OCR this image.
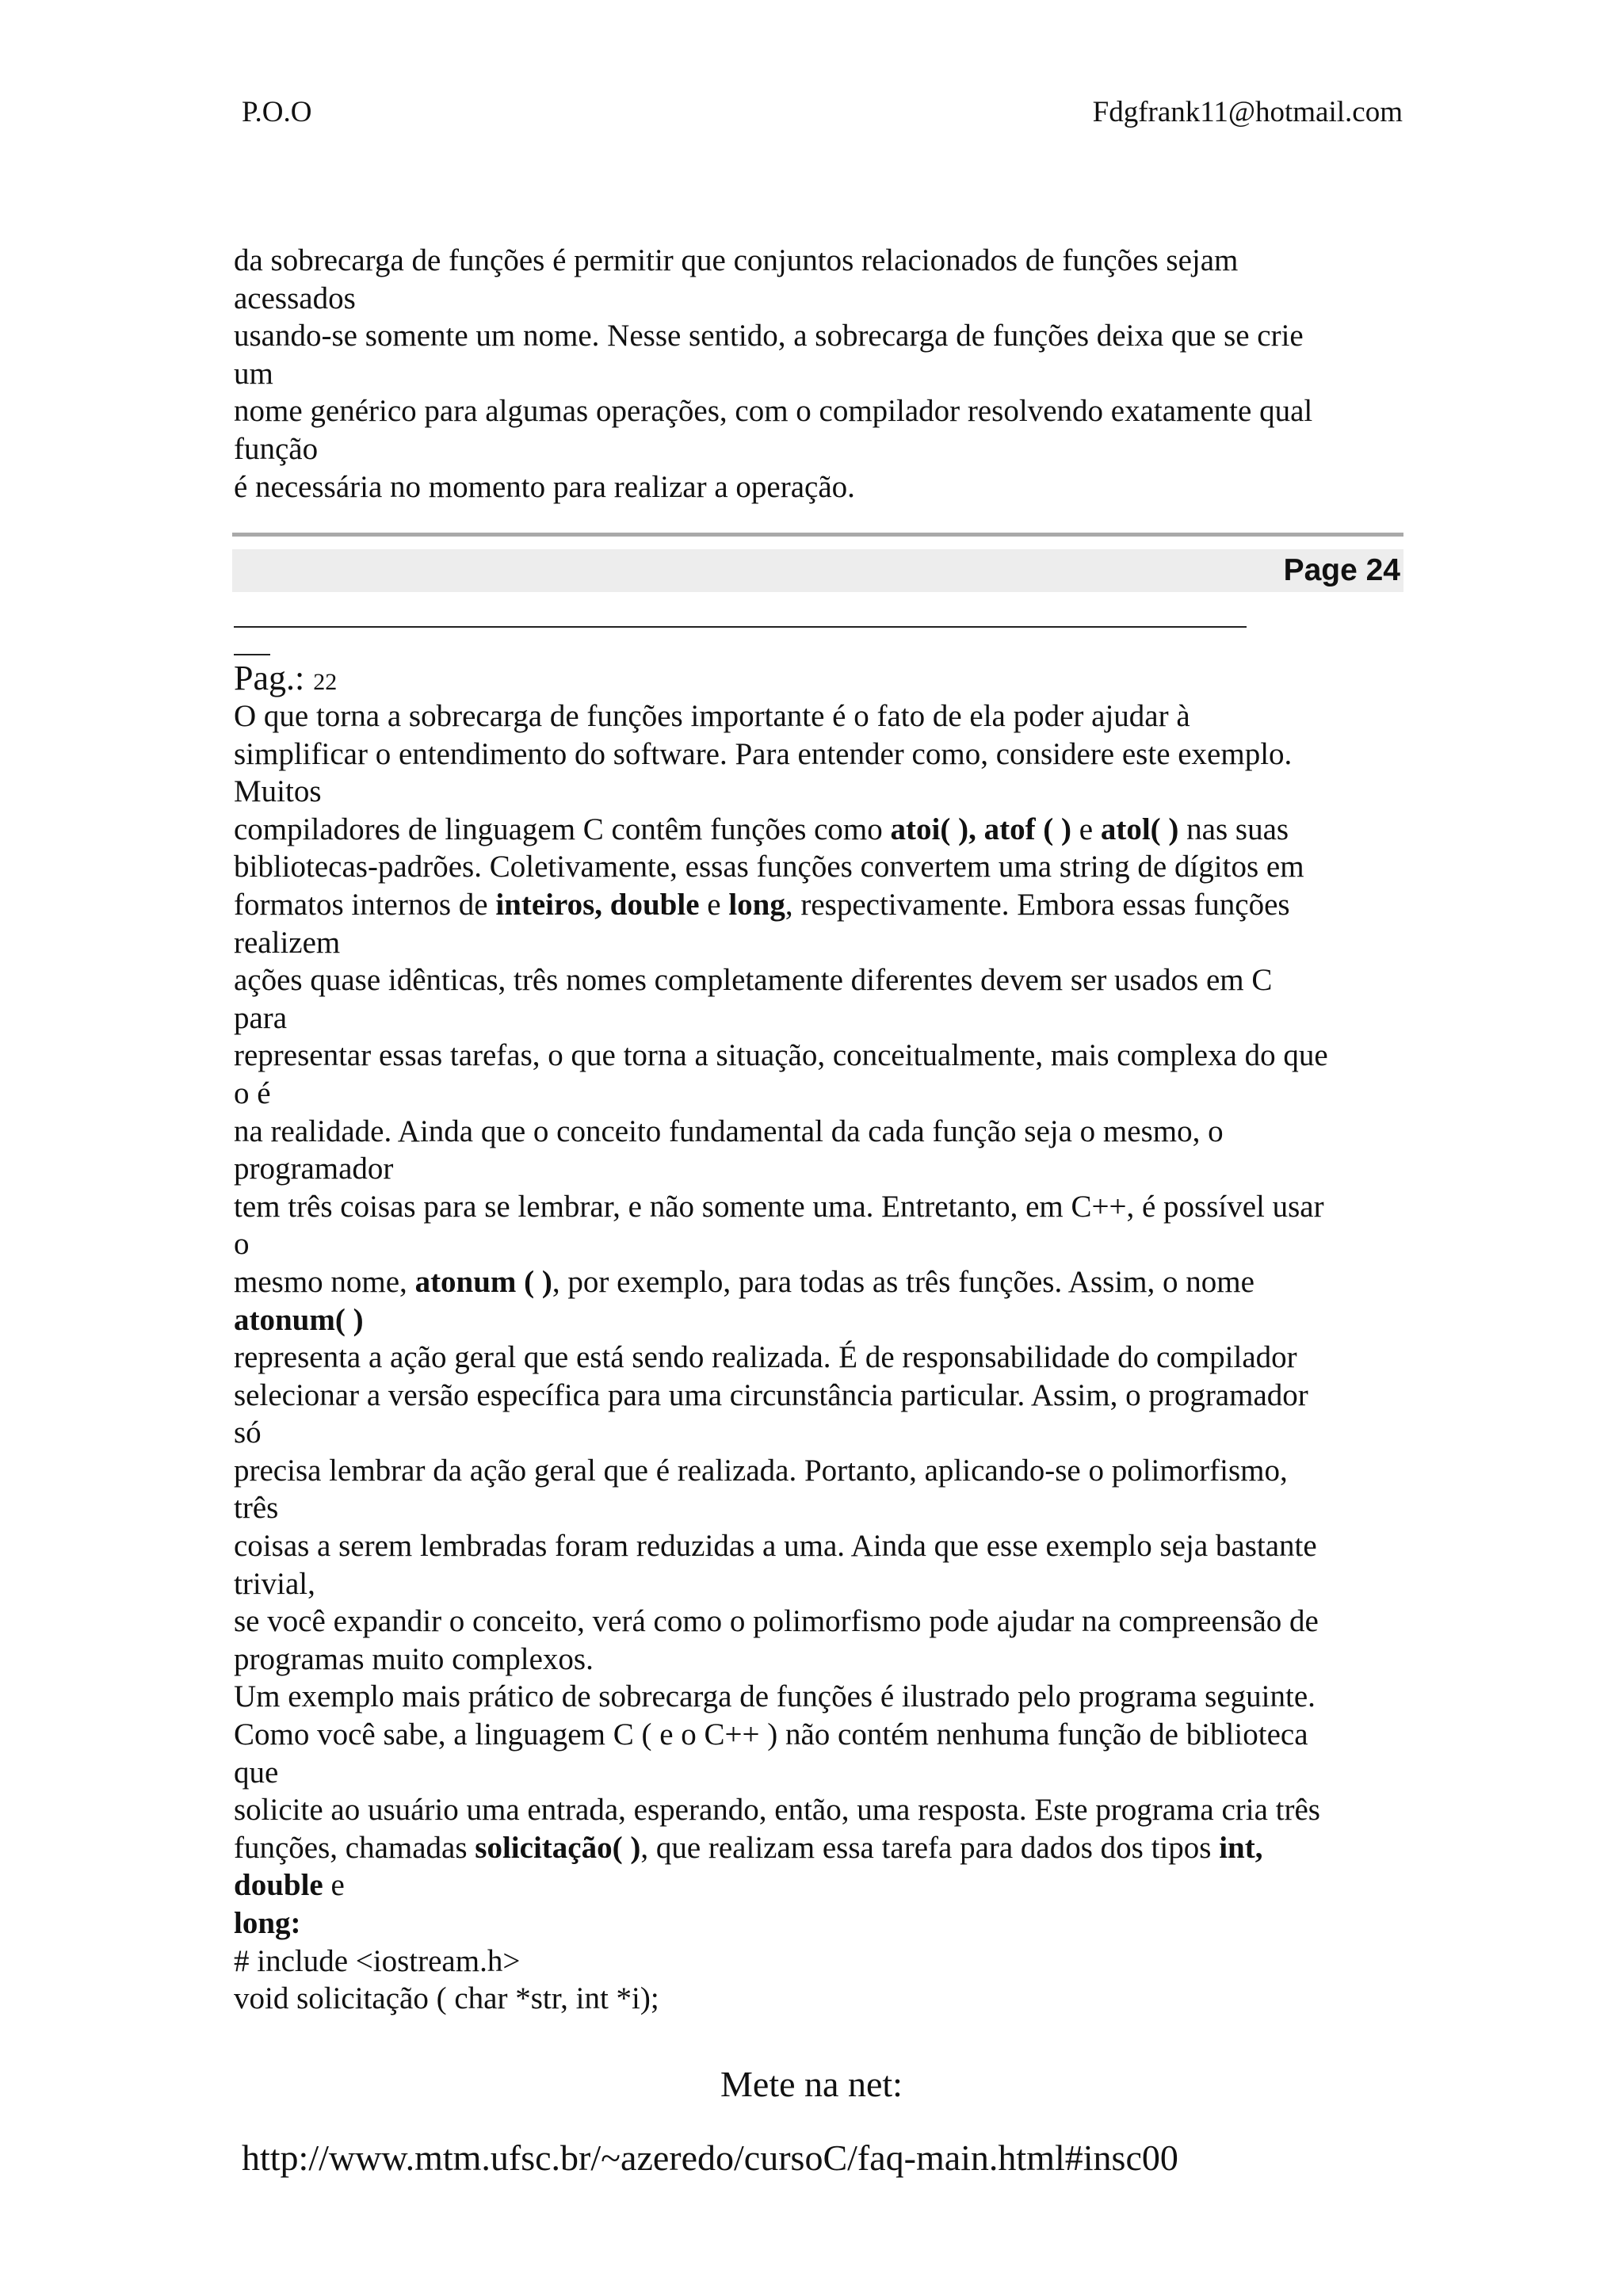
P.O.O	Fdgfrank11@hotmail.com
da sobrecarga de funções é permitir que conjuntos relacionados de funções sejam
acessados
usando-se somente um nome. Nesse sentido, a sobrecarga de funções deixa que se crie
um
nome genérico para algumas operações, com o compilador resolvendo exatamente qual
função
é necessária no momento para realizar a operação.
Page 24
Pag.: 22
O que torna a sobrecarga de funções importante é o fato de ela poder ajudar à
simplificar o entendimento do software. Para entender como, considere este exemplo.
Muitos
compiladores de linguagem C contêm funções como atoi( ), atof ( ) e atol( ) nas suas
bibliotecas-padrões. Coletivamente, essas funções convertem uma string de dígitos em
formatos internos de inteiros, double e long, respectivamente. Embora essas funções
realizem
ações quase idênticas, três nomes completamente diferentes devem ser usados em C
para
representar essas tarefas, o que torna a situação, conceitualmente, mais complexa do que
o é
na realidade. Ainda que o conceito fundamental da cada função seja o mesmo, o
programador
tem três coisas para se lembrar, e não somente uma. Entretanto, em C++, é possível usar
o
mesmo nome, atonum ( ), por exemplo, para todas as três funções. Assim, o nome
atonum( )
representa a ação geral que está sendo realizada. É de responsabilidade do compilador
selecionar a versão específica para uma circunstância particular. Assim, o programador
só
precisa lembrar da ação geral que é realizada. Portanto, aplicando-se o polimorfismo,
três
coisas a serem lembradas foram reduzidas a uma. Ainda que esse exemplo seja bastante
trivial,
se você expandir o conceito, verá como o polimorfismo pode ajudar na compreensão de
programas muito complexos.
Um exemplo mais prático de sobrecarga de funções é ilustrado pelo programa seguinte.
Como você sabe, a linguagem C ( e o C++ ) não contém nenhuma função de biblioteca
que
solicite ao usuário uma entrada, esperando, então, uma resposta. Este programa cria três
funções, chamadas solicitação( ), que realizam essa tarefa para dados dos tipos int,
double e
long:
# include <iostream.h>
void solicitação ( char *str, int *i);
Mete na net:
http://www.mtm.ufsc.br/~azeredo/cursoC/faq-main.html#insc00
